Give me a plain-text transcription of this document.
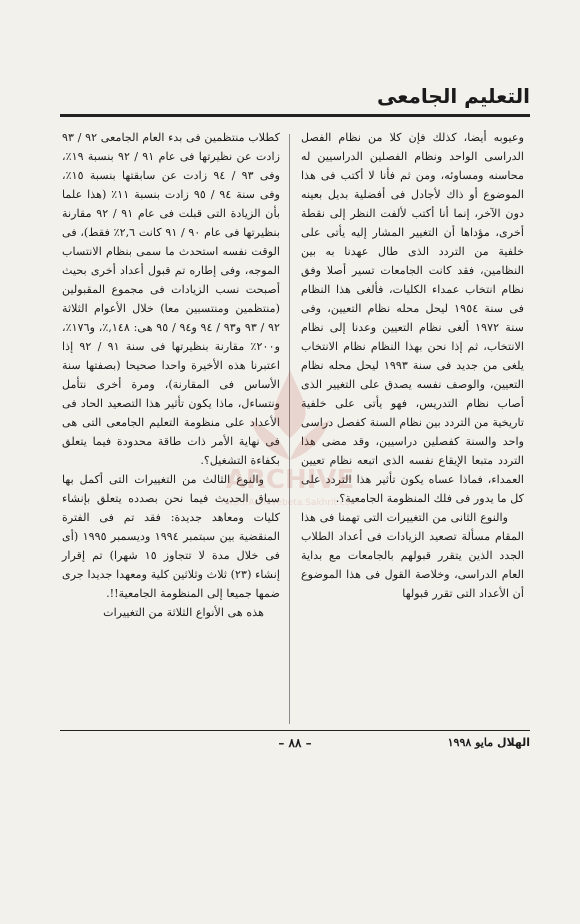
التعليم الجامعى

وعيوبه أيضا، كذلك فإن كلا من نظام الفصل الدراسى الواحد ونظام الفصلين الدراسيين له محاسنه ومساوئه، ومن ثم فأنا لا أكتب فى هذا الموضوع أو ذاك لأجادل فى أفضلية بديل بعينه دون الآخر، إنما أنا أكتب لألفت النظر إلى نقطة أخرى، مؤداها أن التغيير المشار إليه يأتى على خلفية من التردد الذى طال عهدنا به بين النظامين، فقد كانت الجامعات تسير أصلا وفق نظام انتخاب عمداء الكليات، فألغى هذا النظام فى سنة ١٩٥٤ ليحل محله نظام التعيين، وفى سنة ١٩٧٢ ألغى نظام التعيين وعدنا إلى نظام الانتخاب، ثم إذا نحن بهذا النظام نظام الانتخاب يلغى من جديد فى سنة ١٩٩٣ ليحل محله نظام التعيين، والوصف نفسه يصدق على التغيير الذى أصاب نظام التدريس، فهو يأتى على خلفية تاريخية من التردد بين نظام السنة كفصل دراسى واحد والسنة كفصلين دراسيين، وقد مضى هذا التردد متبعا الإيقاع نفسه الذى اتبعه نظام تعيين العمداء، فماذا عساه يكون تأثير هذا التردد على كل ما يدور فى فلك المنظومة الجامعية؟.

والنوع الثانى من التغييرات التى تهمنا فى هذا المقام مسألة تصعيد الزيادات فى أعداد الطلاب الجدد الذين يتقرر قبولهم بالجامعات مع بداية العام الدراسى، وخلاصة القول فى هذا الموضوع أن الأعداد التى تقرر قبولها

كطلاب منتظمين فى بدء العام الجامعى ٩٢ / ٩٣ زادت عن نظيرتها فى عام ٩١ / ٩٢ بنسبة ١٩٪، وفى ٩٣ / ٩٤ زادت عن سابقتها بنسبة ١٥٪، وفى سنة ٩٤ / ٩٥ زادت بنسبة ١١٪ (هذا علما بأن الزيادة التى قبلت فى عام ٩١ / ٩٢ مقارنة بنظيرتها فى عام ٩٠ / ٩١ كانت ٢,٦٪ فقط)، فى الوقت نفسه استحدث ما سمى بنظام الانتساب الموجه، وفى إطاره تم قبول أعداد أخرى بحيث أصبحت نسب الزيادات فى مجموع المقبولين (منتظمين ومنتسبين معا) خلال الأعوام الثلاثة ٩٢ / ٩٣ و٩٣ / ٩٤ و٩٤ / ٩٥ هى: ١٤٨,٪، و١٧٦٪، و٢٠٠٪ مقارنة بنظيرتها فى سنة ٩١ / ٩٢ إذا اعتبرنا هذه الأخيرة واحدا صحيحا (بصفتها سنة الأساس فى المقارنة)، ومرة أخرى نتأمل ونتساءل، ماذا يكون تأثير هذا التصعيد الحاد فى الأعداد على منظومة التعليم الجامعى التى هى فى نهاية الأمر ذات طاقة محدودة فيما يتعلق بكفاءة التشغيل؟.

والنوع الثالث من التغييرات التى أكمل بها سياق الحديث فيما نحن بصدده يتعلق بإنشاء كليات ومعاهد جديدة: فقد تم فى الفترة المنقضية بين سبتمبر ١٩٩٤ وديسمبر ١٩٩٥ (أى فى خلال مدة لا تتجاوز ١٥ شهرا) تم إقرار إنشاء (٢٣) ثلاث وثلاثين كلية ومعهدا جديدا جرى ضمها جميعا إلى المنظومة الجامعية!!.

هذه هى الأنواع الثلاثة من التغييرات

ARCHIVE
http://Archivebeta.Sakhrit.com
– ٨٨ –	الهلال مايو ١٩٩٨
